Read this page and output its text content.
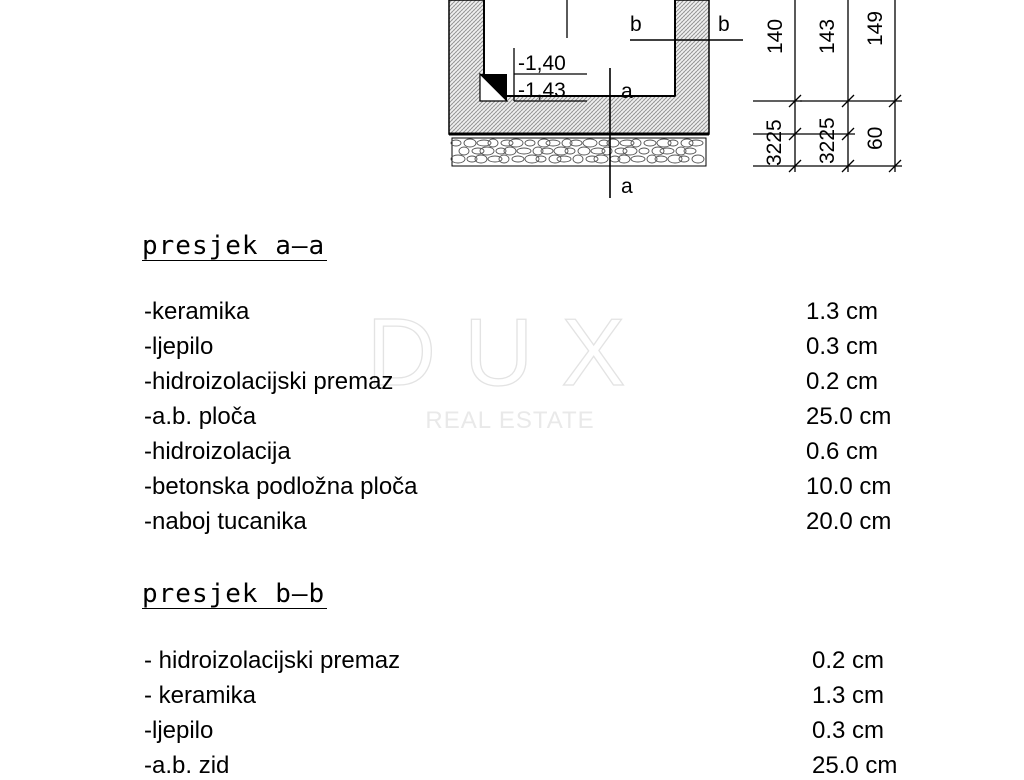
-1,40
-1,43	a
a
b	b 140 143 149
3225 3225 60
DUX
REAL ESTATE
presjek a—a
-keramika	1.3 cm
-ljepilo	0.3 cm
-hidroizolacijski premaz	0.2 cm
-a.b. ploča	25.0 cm
-hidroizolacija	0.6 cm
-betonska podložna ploča	10.0 cm
-naboj tucanika	20.0 cm
presjek b—b
- hidroizolacijski premaz	0.2 cm
- keramika	1.3 cm
-ljepilo	0.3 cm
-a.b. zid	25.0 cm
